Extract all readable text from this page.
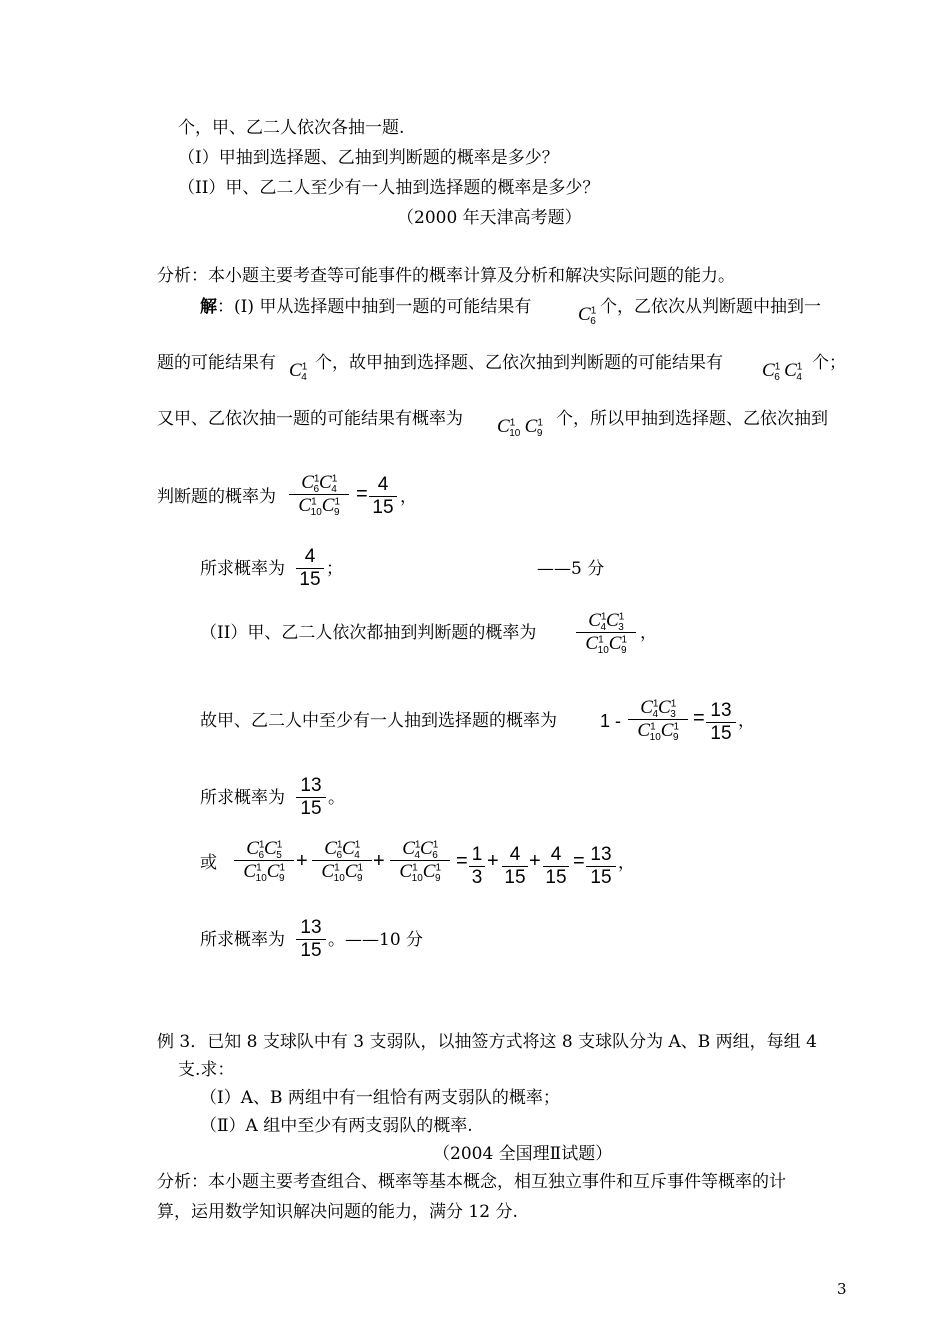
个，甲、乙二人依次各抽一题.
（I）甲抽到选择题、乙抽到判断题的概率是多少？
（II）甲、乙二人至少有一人抽到选择题的概率是多少？
（2000 年天津高考题）
分析：本小题主要考查等可能事件的概率计算及分析和解决实际问题的能力。
解：(I) 甲从选择题中抽到一题的可能结果有 $C^1_6$
个，乙依次从判断题中抽到一
题的可能结果有 $C^1_4$
个，故甲抽到选择题、乙依次抽到判断题的可能结果有 $C^1_6$ $C^1_4$
个；
又甲、乙依次抽一题的可能结果有概率为 $C^1_{10}$ $C^1_9$
个，所以甲抽到选择题、乙依次抽到
判断题的概率为
$C^1_6C^1_4$
$C^1_{10}C^1_9$
= 4
15 ，
所求概率为
4
15 ；	——5 分
（II）甲、乙二人依次都抽到判断题的概率为
$C^1_4C^1_3$
$C^1_{10}C^1_9$
，
故甲、乙二人中至少有一人抽到选择题的概率为 1 -
$C^1_4C^1_3$
$C^1_{10}C^1_9$
= 13
15
，
所求概率为
13
15 。
或
$C^1_6C^1_5$
$C^1_{10}C^1_9$
+
$C^1_6C^1_4$
$C^1_{10}C^1_9$
+
$C^1_4C^1_6$
$C^1_{10}C^1_9$
= 1
3
+ 4
15
+ 4
15
= 13
15
，
所求概率为
13
15 。——10 分
例 3．已知 8 支球队中有 3 支弱队，以抽签方式将这 8 支球队分为 A、B 两组，每组 4
支.求：
（Ⅰ）A、B 两组中有一组恰有两支弱队的概率；
（Ⅱ）A 组中至少有两支弱队的概率.
（2004 全国理Ⅱ试题）
分析：本小题主要考查组合、概率等基本概念，相互独立事件和互斥事件等概率的计
算，运用数学知识解决问题的能力，满分 12 分.
3
